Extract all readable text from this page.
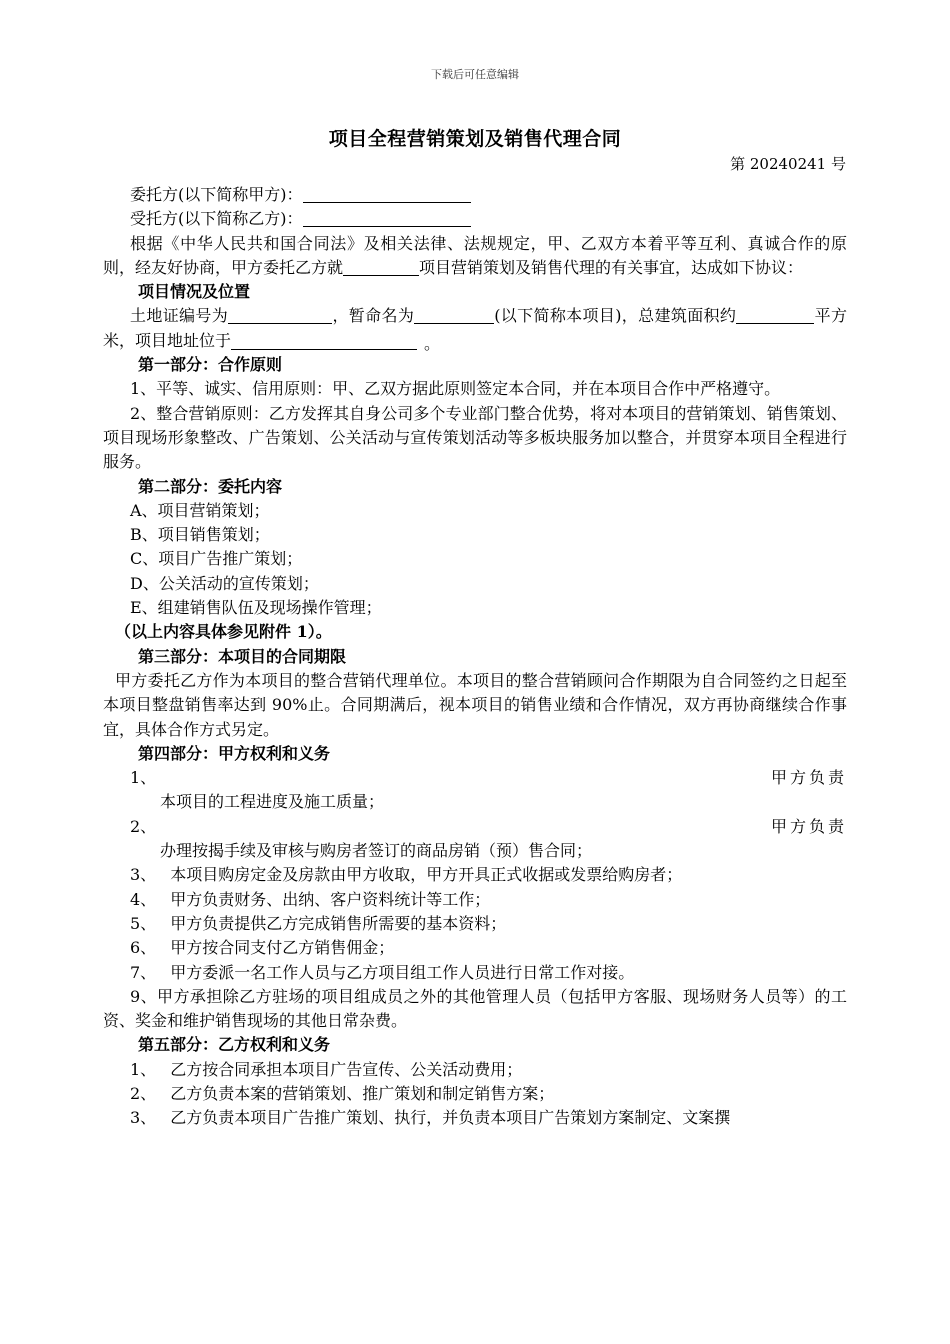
下载后可任意编辑
项目全程营销策划及销售代理合同
第 20240241 号

委托方(以下简称甲方)：

受托方(以下简称乙方)：

根据《中华人民共和国合同法》及相关法律、法规规定，甲、乙双方本着平等互利、真诚合作的原则，经友好协商，甲方委托乙方就	项目营销策划及销售代理的有关事宜，达成如下协议：

项目情况及位置

土地证编号为	，暂命名为	(以下简称本项目)，总建筑面积约	平方米，项目地址位于	。

第一部分：合作原则

1、平等、诚实、信用原则：甲、乙双方据此原则签定本合同，并在本项目合作中严格遵守。

2、整合营销原则：乙方发挥其自身公司多个专业部门整合优势，将对本项目的营销策划、销售策划、项目现场形象整改、广告策划、公关活动与宣传策划活动等多板块服务加以整合，并贯穿本项目全程进行服务。

第二部分：委托内容

A、项目营销策划；

B、项目销售策划；

C、项目广告推广策划；

D、公关活动的宣传策划；

E、组建销售队伍及现场操作管理；

（以上内容具体参见附件 1）。

第三部分：本项目的合同期限

甲方委托乙方作为本项目的整合营销代理单位。本项目的整合营销顾问合作期限为自合同签约之日起至本项目整盘销售率达到 90%止。合同期满后，视本项目的销售业绩和合作情况，双方再协商继续合作事宜，具体合作方式另定。

第四部分：甲方权利和义务

1、	甲方负责

本项目的工程进度及施工质量；

2、	甲方负责

办理按揭手续及审核与购房者签订的商品房销（预）售合同；

3、 本项目购房定金及房款由甲方收取，甲方开具正式收据或发票给购房者；

4、 甲方负责财务、出纳、客户资料统计等工作；

5、 甲方负责提供乙方完成销售所需要的基本资料；

6、 甲方按合同支付乙方销售佣金；

7、 甲方委派一名工作人员与乙方项目组工作人员进行日常工作对接。

9、甲方承担除乙方驻场的项目组成员之外的其他管理人员（包括甲方客服、现场财务人员等）的工资、奖金和维护销售现场的其他日常杂费。

第五部分：乙方权利和义务

1、 乙方按合同承担本项目广告宣传、公关活动费用；

2、 乙方负责本案的营销策划、推广策划和制定销售方案；

3、 乙方负责本项目广告推广策划、执行，并负责本项目广告策划方案制定、文案撰
